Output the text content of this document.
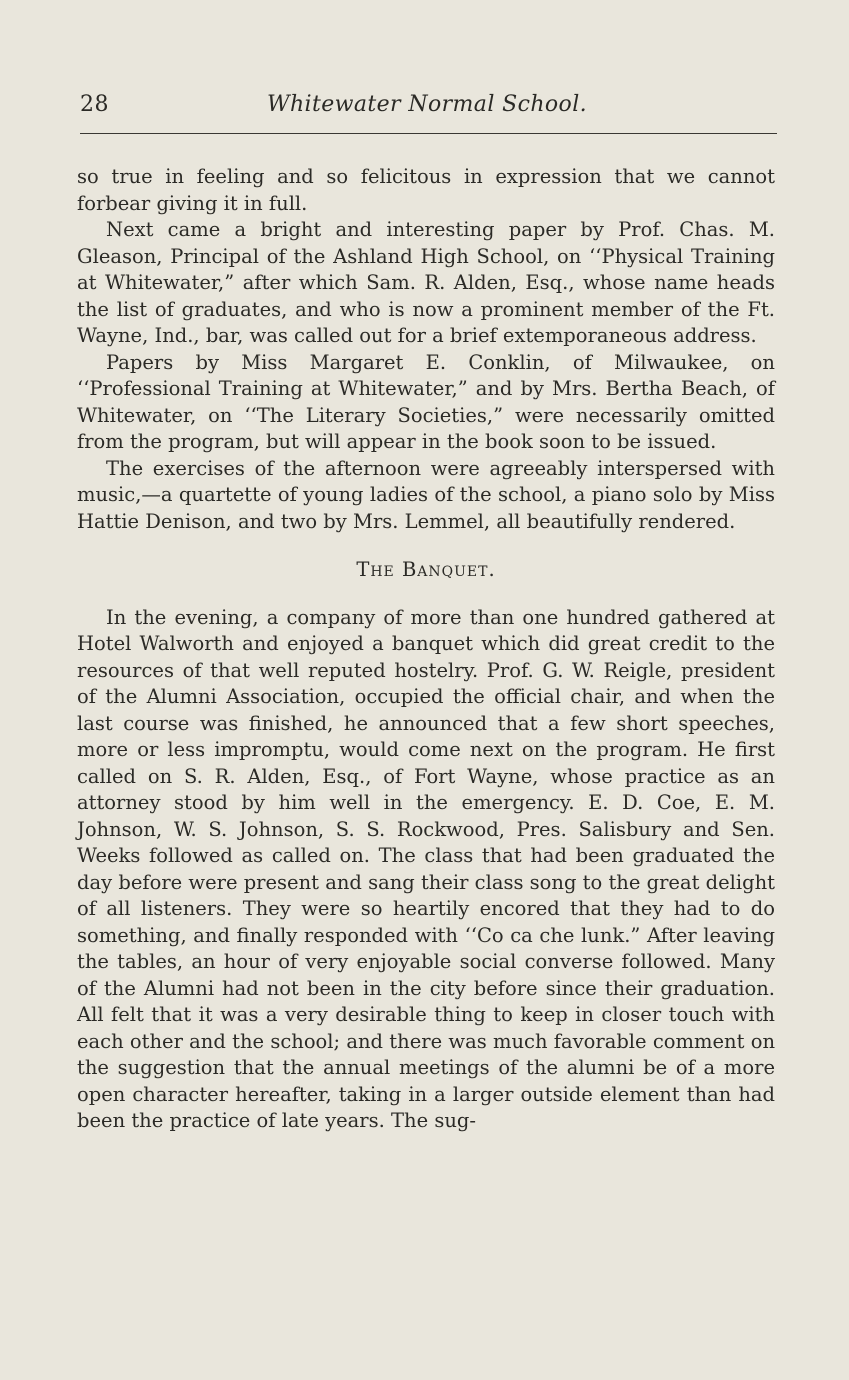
28	Whitewater Normal School.

so true in feeling and so felicitous in expression that we cannot forbear giving it in full.

Next came a bright and interesting paper by Prof. Chas. M. Gleason, Principal of the Ashland High School, on ‘‘Physical Training at Whitewater,” after which Sam. R. Alden, Esq., whose name heads the list of graduates, and who is now a prominent member of the Ft. Wayne, Ind., bar, was called out for a brief extemporaneous address.

Papers by Miss Margaret E. Conklin, of Milwaukee, on ‘‘Professional Training at Whitewater,” and by Mrs. Bertha Beach, of Whitewater, on ‘‘The Literary Societies,” were necessarily omitted from the program, but will appear in the book soon to be issued.

The exercises of the afternoon were agreeably interspersed with music,—a quartette of young ladies of the school, a piano solo by Miss Hattie Denison, and two by Mrs. Lemmel, all beautifully rendered.

The Banquet.

In the evening, a company of more than one hundred gathered at Hotel Walworth and enjoyed a banquet which did great credit to the resources of that well reputed hostelry. Prof. G. W. Reigle, president of the Alumni Association, occupied the official chair, and when the last course was finished, he announced that a few short speeches, more or less impromptu, would come next on the program. He first called on S. R. Alden, Esq., of Fort Wayne, whose practice as an attorney stood by him well in the emergency. E. D. Coe, E. M. Johnson, W. S. Johnson, S. S. Rockwood, Pres. Salisbury and Sen. Weeks followed as called on. The class that had been graduated the day before were present and sang their class song to the great delight of all listeners. They were so heartily encored that they had to do something, and finally responded with ‘‘Co ca che lunk.” After leaving the tables, an hour of very enjoyable social converse followed. Many of the Alumni had not been in the city before since their graduation. All felt that it was a very desirable thing to keep in closer touch with each other and the school; and there was much favorable comment on the suggestion that the annual meetings of the alumni be of a more open character hereafter, taking in a larger outside element than had been the practice of late years. The sug-
